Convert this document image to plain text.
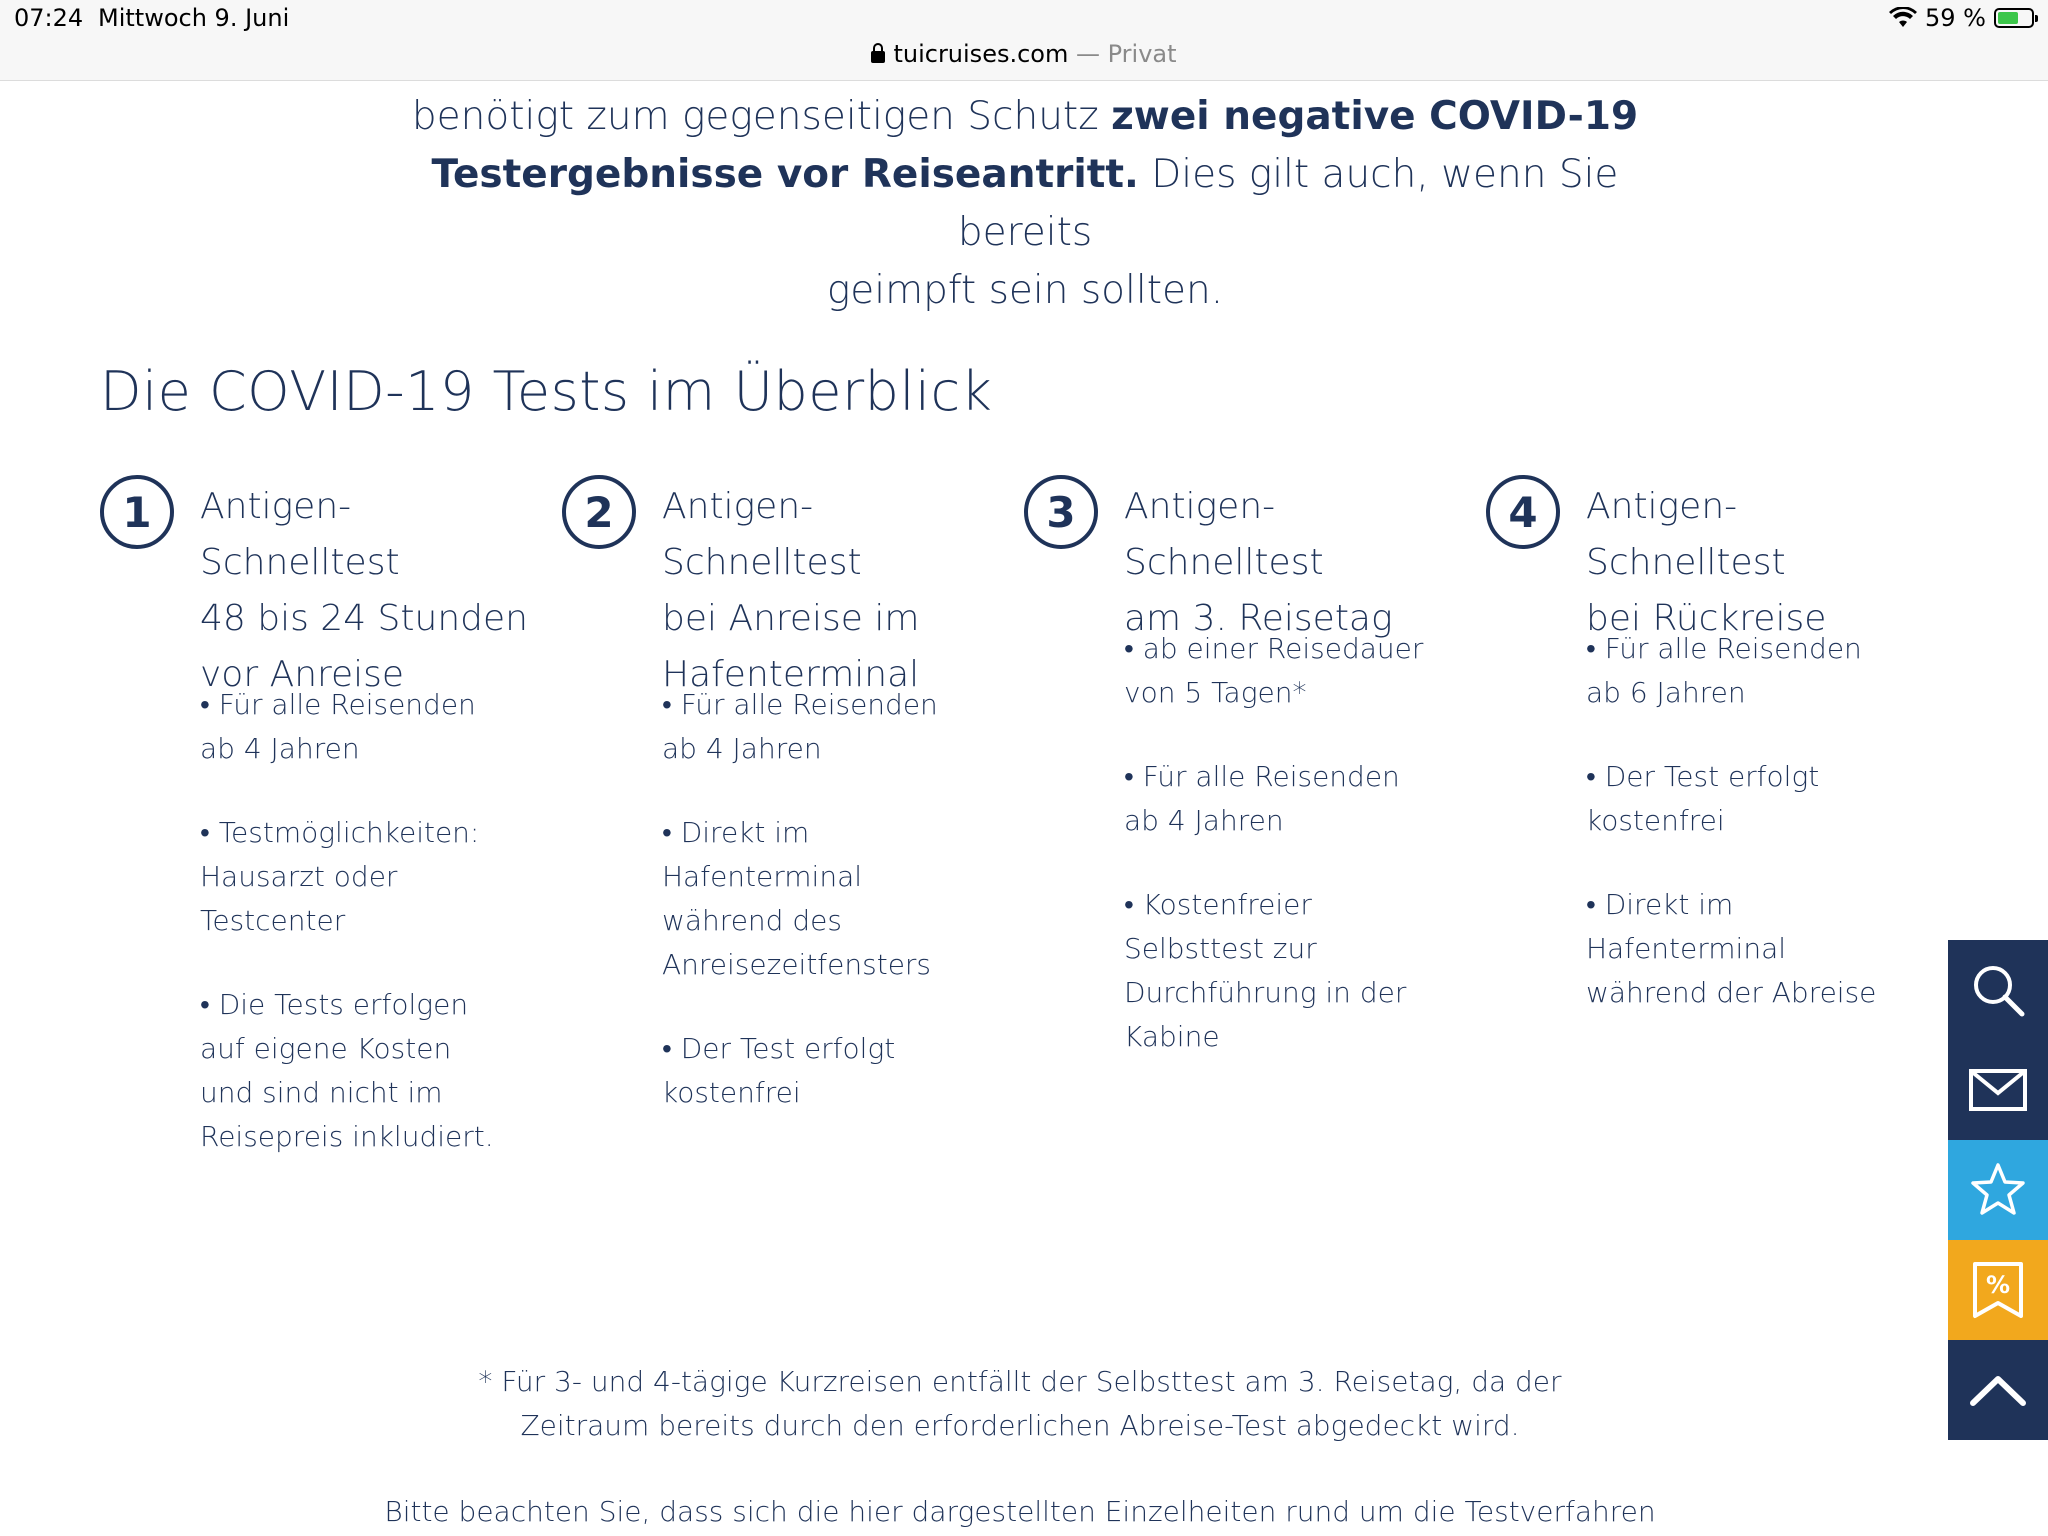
07:24 Mittwoch 9. Juni
tuicruises.com — Privat
59 %
benötigt zum gegenseitigen Schutz zwei negative COVID-19
Testergebnisse vor Reiseantritt. Dies gilt auch, wenn Sie bereits
geimpft sein sollten.
Die COVID-19 Tests im Überblick
1	Antigen-Schnelltest
48 bis 24 Stunden
vor Anreise
• Für alle Reisenden ab 4 Jahren
• Testmöglichkeiten: Hausarzt oder Testcenter
• Die Tests erfolgen auf eigene Kosten und sind nicht im Reisepreis inkludiert.
2	Antigen-Schnelltest
bei Anreise im
Hafenterminal
• Für alle Reisenden ab 4 Jahren
• Direkt im Hafenterminal während des Anreisezeitfensters
• Der Test erfolgt kostenfrei
3	Antigen-Schnelltest
am 3. Reisetag
• ab einer Reisedauer von 5 Tagen*
• Für alle Reisenden ab 4 Jahren
• Kostenfreier Selbsttest zur Durchführung in der Kabine
4	Antigen-Schnelltest
bei Rückreise
• Für alle Reisenden ab 6 Jahren
• Der Test erfolgt kostenfrei
• Direkt im Hafenterminal während der Abreise
* Für 3- und 4-tägige Kurzreisen entfällt der Selbsttest am 3. Reisetag, da der Zeitraum bereits durch den erforderlichen Abreise-Test abgedeckt wird.
Bitte beachten Sie, dass sich die hier dargestellten Einzelheiten rund um die Testverfahren
%
